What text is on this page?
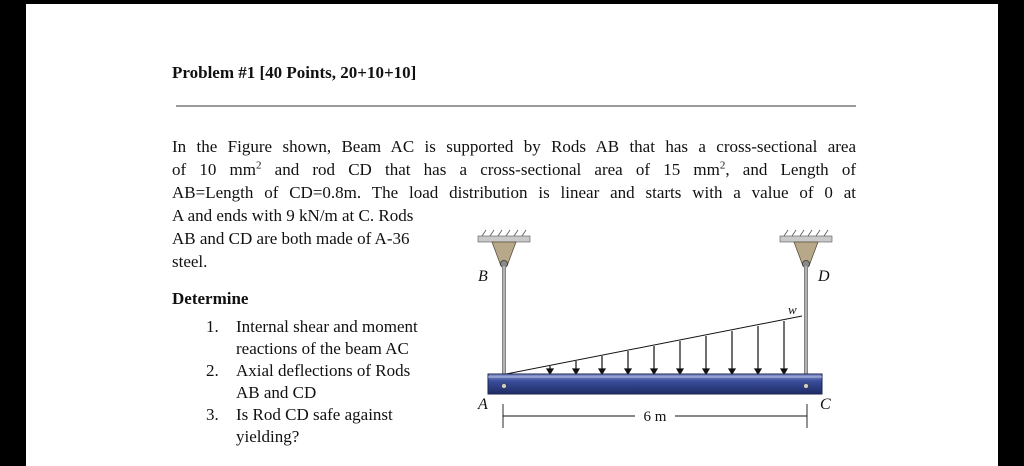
Problem #1 [40 Points, 20+10+10]
In the Figure shown, Beam AC is supported by Rods AB that has a cross-sectional area
of 10 $mm^2$ and rod CD that has a cross-sectional area of 15 $mm^2$, and Length of
AB=Length of CD=0.8m. The load distribution is linear and starts with a value of 0 at
A and ends with 9 kN/m at C. Rods
AB and CD are both made of A-36
steel.
Determine
1. Internal shear and moment
reactions of the beam AC
2. Axial deflections of Rods
AB and CD
3. Is Rod CD safe against
yielding?
6 m
B	D
A	C
w
